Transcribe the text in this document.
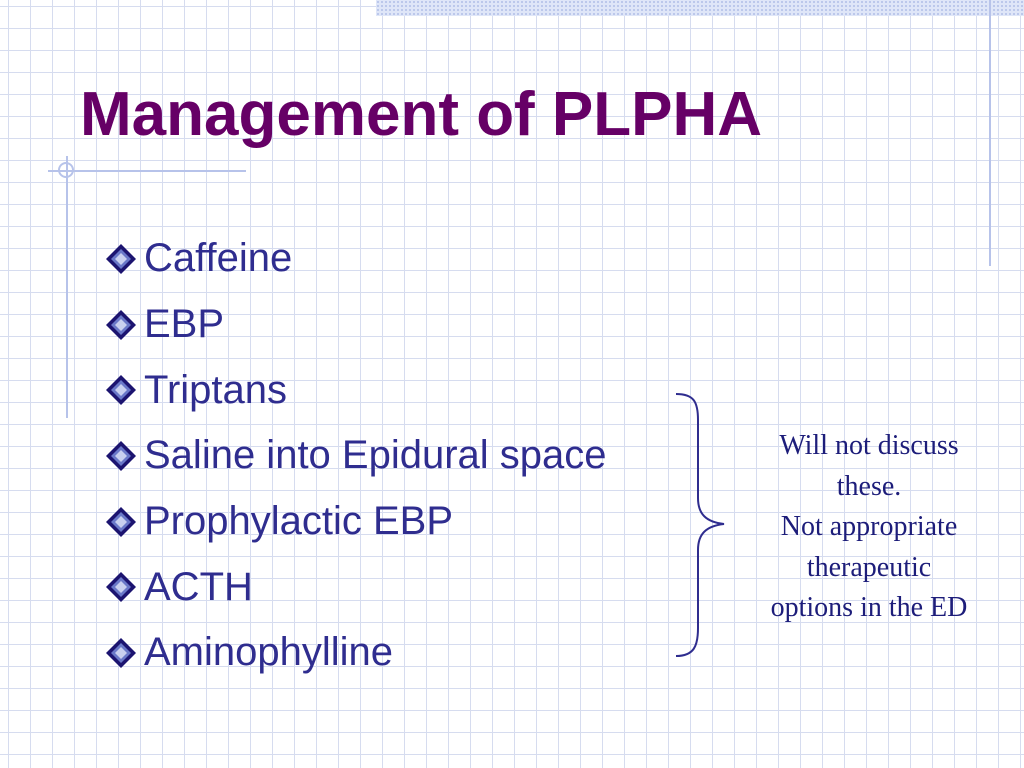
Management of PLPHA
Caffeine
EBP
Triptans
Saline into Epidural space
Prophylactic EBP
ACTH
Aminophylline
Will not discuss
these.
Not appropriate
therapeutic
options in the ED
